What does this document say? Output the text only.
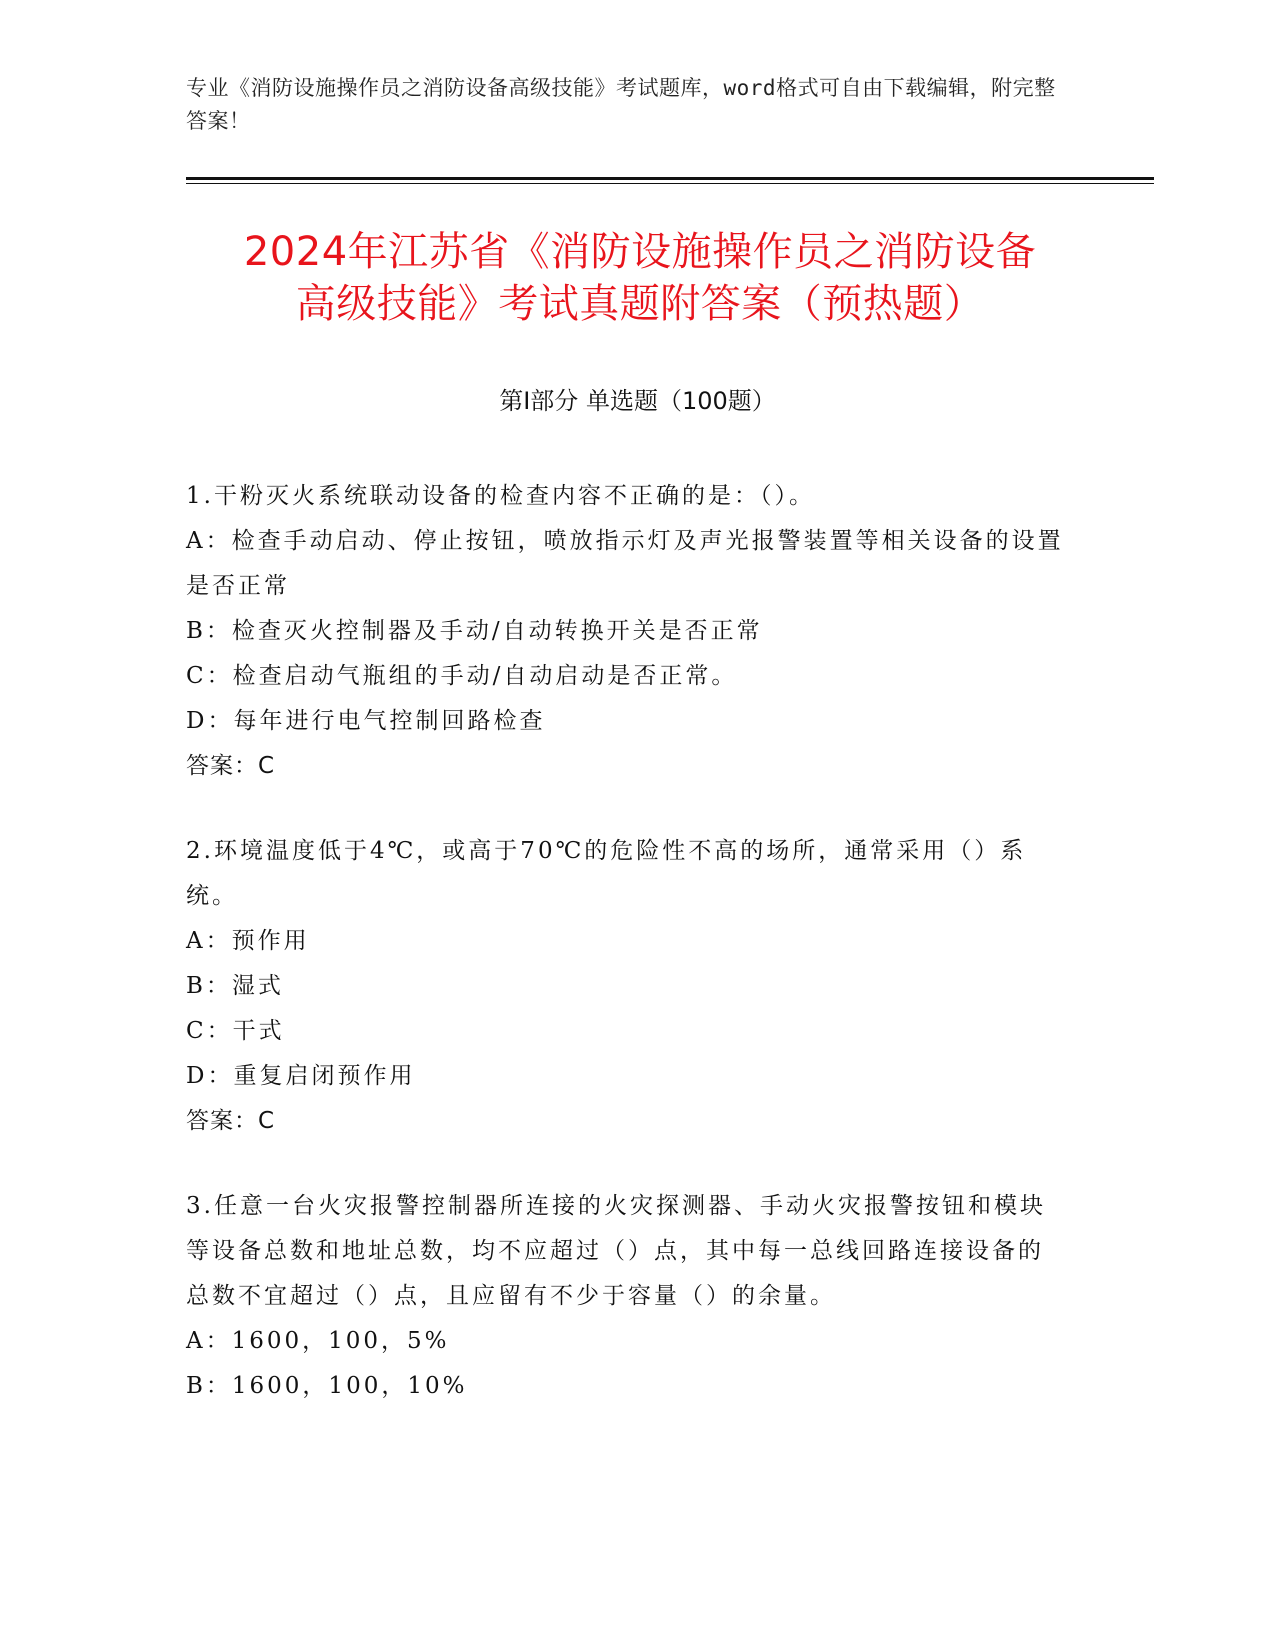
专业《消防设施操作员之消防设备高级技能》考试题库，word格式可自由下载编辑，附完整答案！
2024年江苏省《消防设施操作员之消防设备
高级技能》考试真题附答案（预热题）
第I部分 单选题（100题）
1.干粉灭火系统联动设备的检查内容不正确的是：（）。
A：检查手动启动、停止按钮，喷放指示灯及声光报警装置等相关设备的设置是否正常
B：检查灭火控制器及手动/自动转换开关是否正常
C：检查启动气瓶组的手动/自动启动是否正常。
D：每年进行电气控制回路检查
答案：C
2.环境温度低于4℃，或高于70℃的危险性不高的场所，通常采用（）系统。
A：预作用
B：湿式
C：干式
D：重复启闭预作用
答案：C
3.任意一台火灾报警控制器所连接的火灾探测器、手动火灾报警按钮和模块等设备总数和地址总数，均不应超过（）点，其中每一总线回路连接设备的总数不宜超过（）点，且应留有不少于容量（）的余量。
A：1600，100，5%
B：1600，100，10%
